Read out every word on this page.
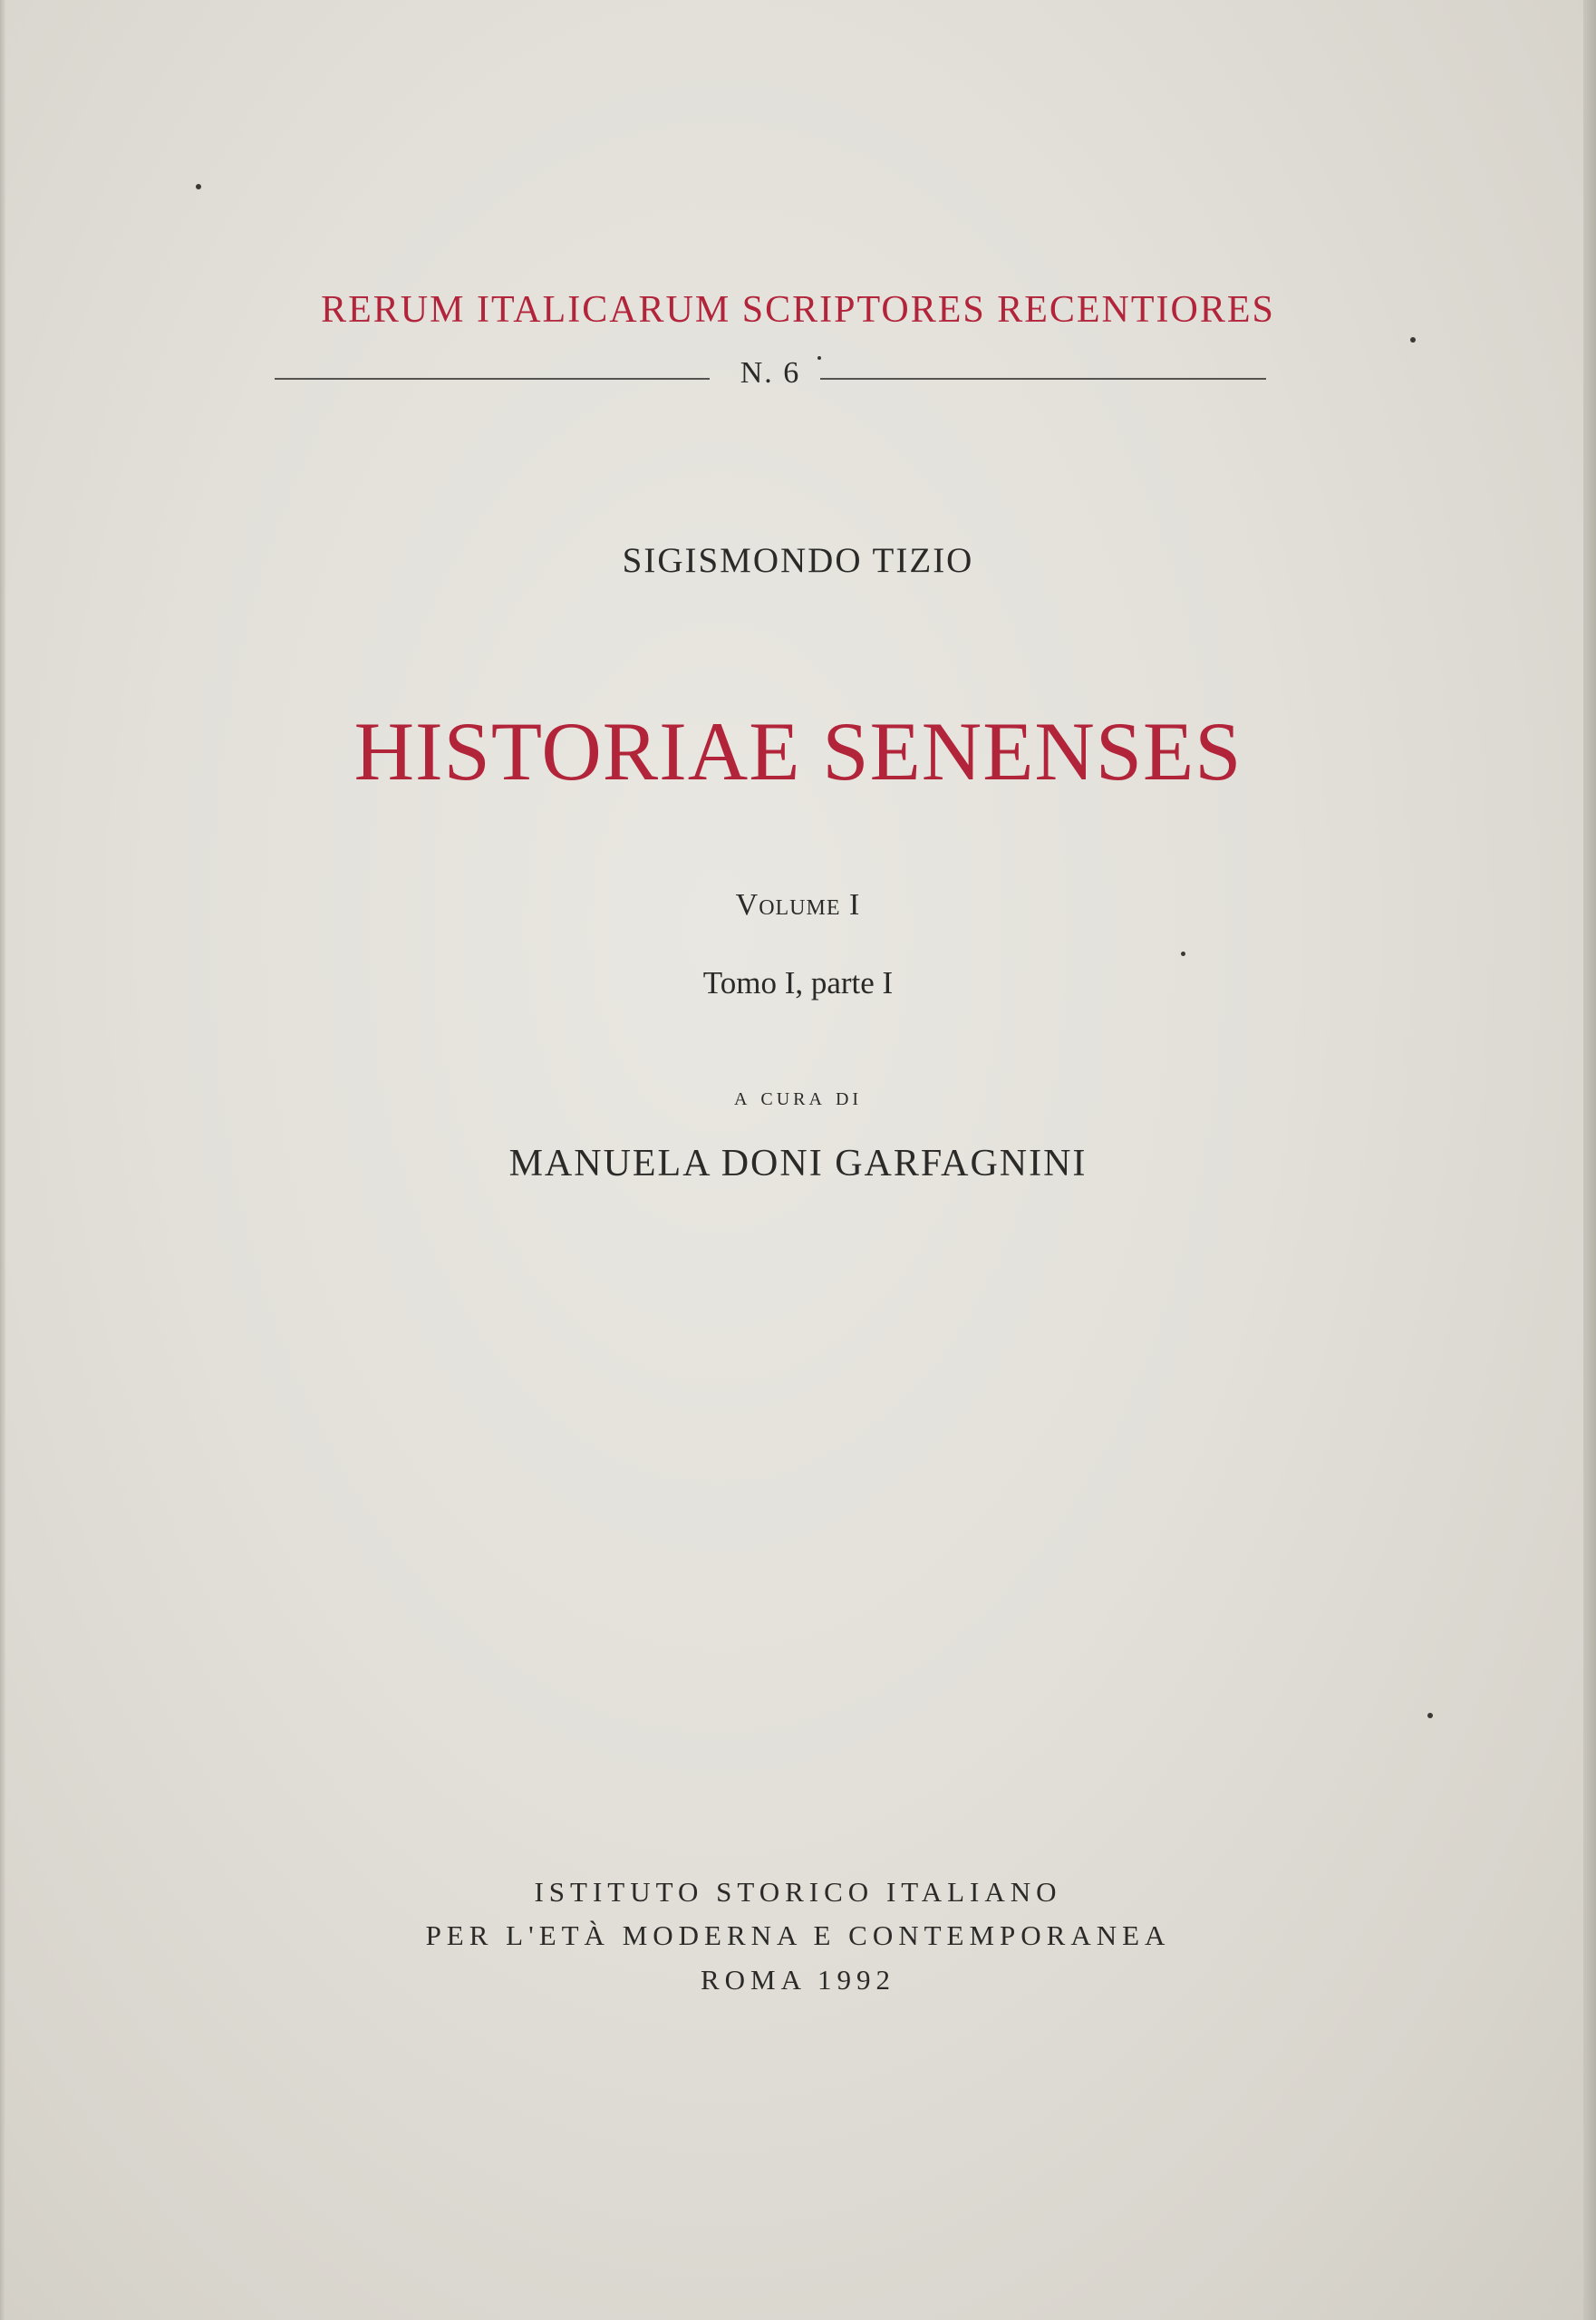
RERUM ITALICARUM SCRIPTORES RECENTIORES
N. 6
SIGISMONDO TIZIO
HISTORIAE SENENSES
Volume I
Tomo I, parte I
a cura di
MANUELA DONI GARFAGNINI
ISTITUTO STORICO ITALIANO
PER L'ETÀ MODERNA E CONTEMPORANEA
ROMA 1992
